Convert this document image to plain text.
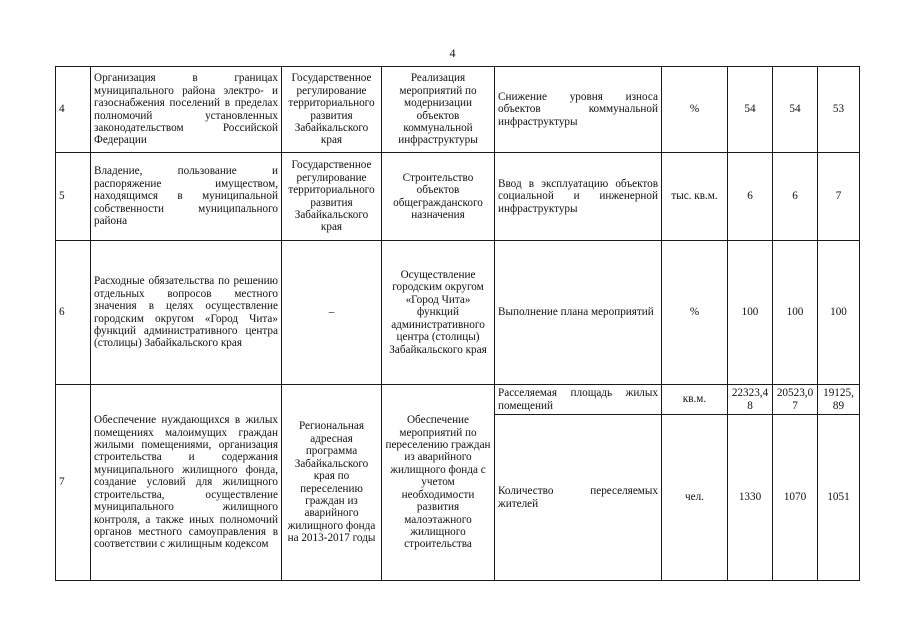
4
4	Организация в границах муниципального района электро- и газоснабжения поселений в пределах полномочий установленных законодательством Российской Федерации	Государственное регулирование территориального развития Забайкальского края	Реализация мероприятий по модернизации объектов коммунальной инфраструктуры	Снижение уровня износа объектов коммунальной инфраструктуры	%	54	54	53
5	Владение, пользование и распоряжение имуществом, находящимся в муниципальной собственности муниципального района	Государственное регулирование территориального развития Забайкальского края	Строительство объектов общегражданского назначения	Ввод в эксплуатацию объектов социальной и инженерной инфраструктуры	тыс. кв.м.	6	6	7
6	Расходные обязательства по решению отдельных вопросов местного значения в целях осуществление городским округом «Город Чита» функций административного центра (столицы) Забайкальского края	–	Осуществление городским округом «Город Чита» функций административного центра (столицы) Забайкальского края	Выполнение плана мероприятий	%	100	100	100
7	Обеспечение нуждающихся в жилых помещениях малоимущих граждан жилыми помещениями, организация строительства и содержания муниципального жилищного фонда, создание условий для жилищного строительства, осуществление муниципального жилищного контроля, а также иных полномочий органов местного самоуправления в соответствии с жилищным кодексом	Региональная адресная программа Забайкальского края по переселению граждан из аварийного жилищного фонда на 2013-2017 годы	Обеспечение мероприятий по переселению граждан из аварийного жилищного фонда с учетом необходимости развития малоэтажного жилищного строительства	Расселяемая площадь жилых помещений	кв.м.	22323,48	20523,07	19125,89
				Количество переселяемых жителей	чел.	1330	1070	1051
